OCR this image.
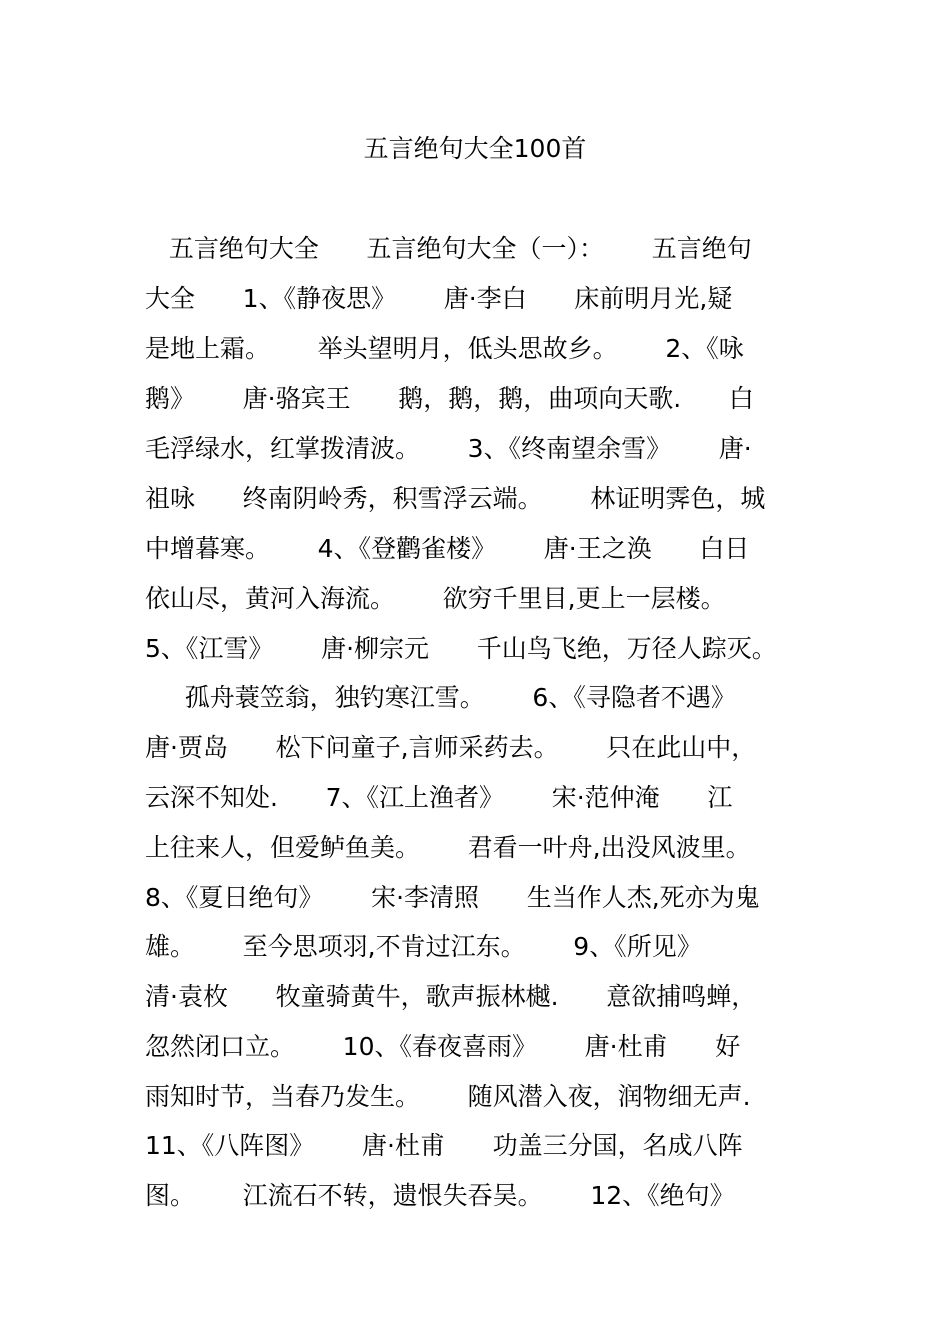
五言绝句大全100首
五言绝句大全      五言绝句大全（一）：      五言绝句
大全      1、《静夜思》      唐·李白      床前明月光,疑
是地上霜。      举头望明月，低头思故乡。      2、《咏
鹅》      唐·骆宾王      鹅，鹅，鹅，曲项向天歌.      白
毛浮绿水，红掌拨清波。      3、《终南望余雪》      唐·
祖咏      终南阴岭秀，积雪浮云端。      林证明霁色，城
中增暮寒。      4、《登鹳雀楼》      唐·王之涣      白日
依山尽，黄河入海流。      欲穷千里目,更上一层楼。
5、《江雪》      唐·柳宗元      千山鸟飞绝，万径人踪灭。
孤舟蓑笠翁，独钓寒江雪。      6、《寻隐者不遇》
唐·贾岛      松下问童子,言师采药去。      只在此山中，
云深不知处.      7、《江上渔者》      宋·范仲淹      江
上往来人，但爱鲈鱼美。      君看一叶舟,出没风波里。
8、《夏日绝句》      宋·李清照      生当作人杰,死亦为鬼
雄。      至今思项羽,不肯过江东。      9、《所见》
清·袁枚      牧童骑黄牛，歌声振林樾.      意欲捕鸣蝉，
忽然闭口立。      10、《春夜喜雨》      唐·杜甫      好
雨知时节，当春乃发生。      随风潜入夜，润物细无声.
11、《八阵图》      唐·杜甫      功盖三分国，名成八阵
图。      江流石不转，遗恨失吞吴。      12、《绝句》
